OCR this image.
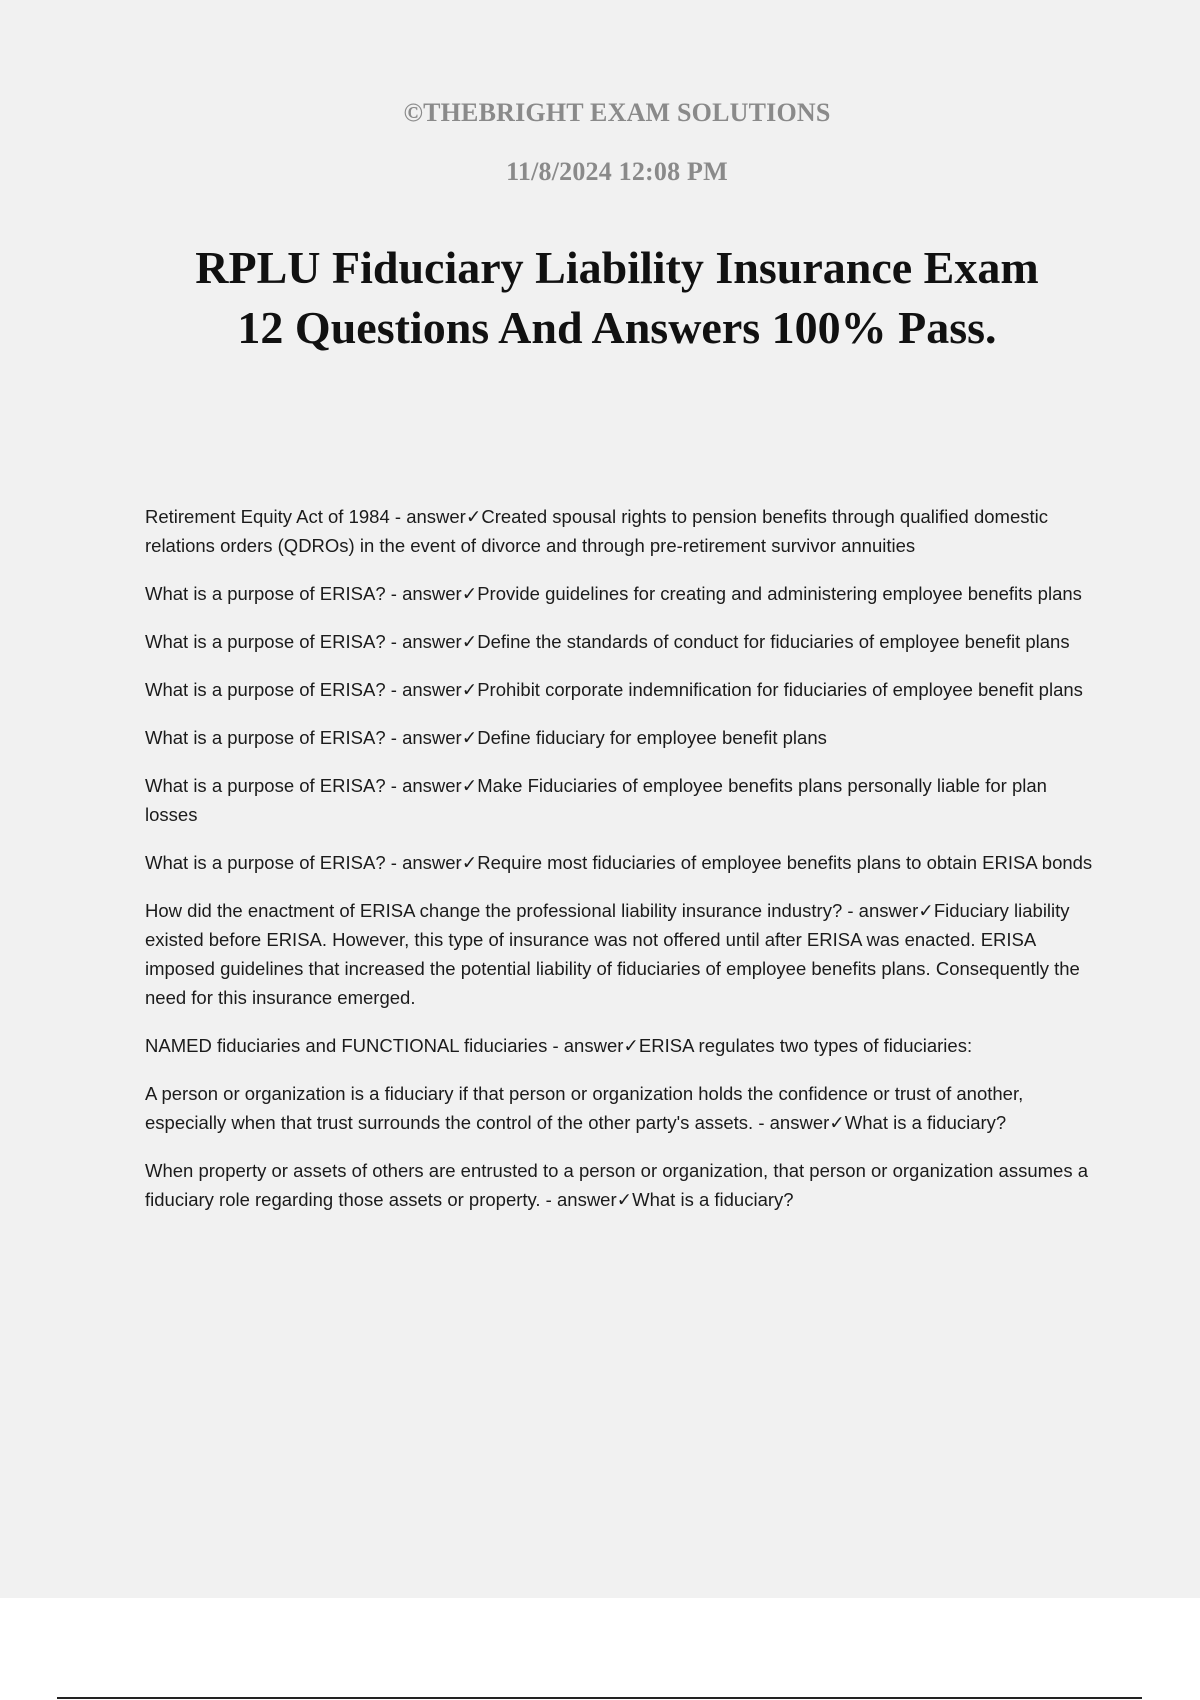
©THEBRIGHT EXAM SOLUTIONS
11/8/2024 12:08 PM
RPLU Fiduciary Liability Insurance Exam
12 Questions And Answers 100% Pass.

Retirement Equity Act of 1984 - answer✓Created spousal rights to pension benefits through qualified domestic relations orders (QDROs) in the event of divorce and through pre-retirement survivor annuities

What is a purpose of ERISA? - answer✓Provide guidelines for creating and administering employee benefits plans

What is a purpose of ERISA? - answer✓Define the standards of conduct for fiduciaries of employee benefit plans

What is a purpose of ERISA? - answer✓Prohibit corporate indemnification for fiduciaries of employee benefit plans

What is a purpose of ERISA? - answer✓Define fiduciary for employee benefit plans

What is a purpose of ERISA? - answer✓Make Fiduciaries of employee benefits plans personally liable for plan losses

What is a purpose of ERISA? - answer✓Require most fiduciaries of employee benefits plans to obtain ERISA bonds

How did the enactment of ERISA change the professional liability insurance industry? - answer✓Fiduciary liability existed before ERISA. However, this type of insurance was not offered until after ERISA was enacted. ERISA imposed guidelines that increased the potential liability of fiduciaries of employee benefits plans. Consequently the need for this insurance emerged.

NAMED fiduciaries and FUNCTIONAL fiduciaries - answer✓ERISA regulates two types of fiduciaries:

A person or organization is a fiduciary if that person or organization holds the confidence or trust of another, especially when that trust surrounds the control of the other party's assets. - answer✓What is a fiduciary?

When property or assets of others are entrusted to a person or organization, that person or organization assumes a fiduciary role regarding those assets or property. - answer✓What is a fiduciary?
